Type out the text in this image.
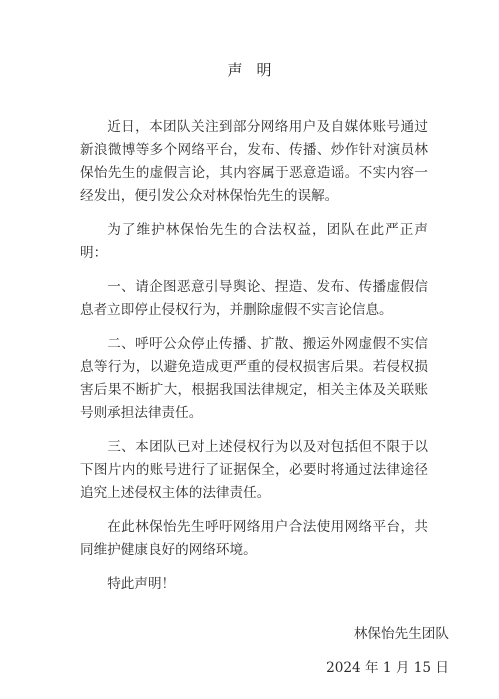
声明

近日，本团队关注到部分网络用户及自媒体账号通过新浪微博等多个网络平台，发布、传播、炒作针对演员林保怡先生的虚假言论，其内容属于恶意造谣。不实内容一经发出，便引发公众对林保怡先生的误解。

为了维护林保怡先生的合法权益，团队在此严正声明：

一、请企图恶意引导舆论、捏造、发布、传播虚假信息者立即停止侵权行为，并删除虚假不实言论信息。

二、呼吁公众停止传播、扩散、搬运外网虚假不实信息等行为，以避免造成更严重的侵权损害后果。若侵权损害后果不断扩大，根据我国法律规定，相关主体及关联账号则承担法律责任。

三、本团队已对上述侵权行为以及对包括但不限于以下图片内的账号进行了证据保全，必要时将通过法律途径追究上述侵权主体的法律责任。

在此林保怡先生呼吁网络用户合法使用网络平台，共同维护健康良好的网络环境。

特此声明！

林保怡先生团队
2024 年 1 月 15 日
